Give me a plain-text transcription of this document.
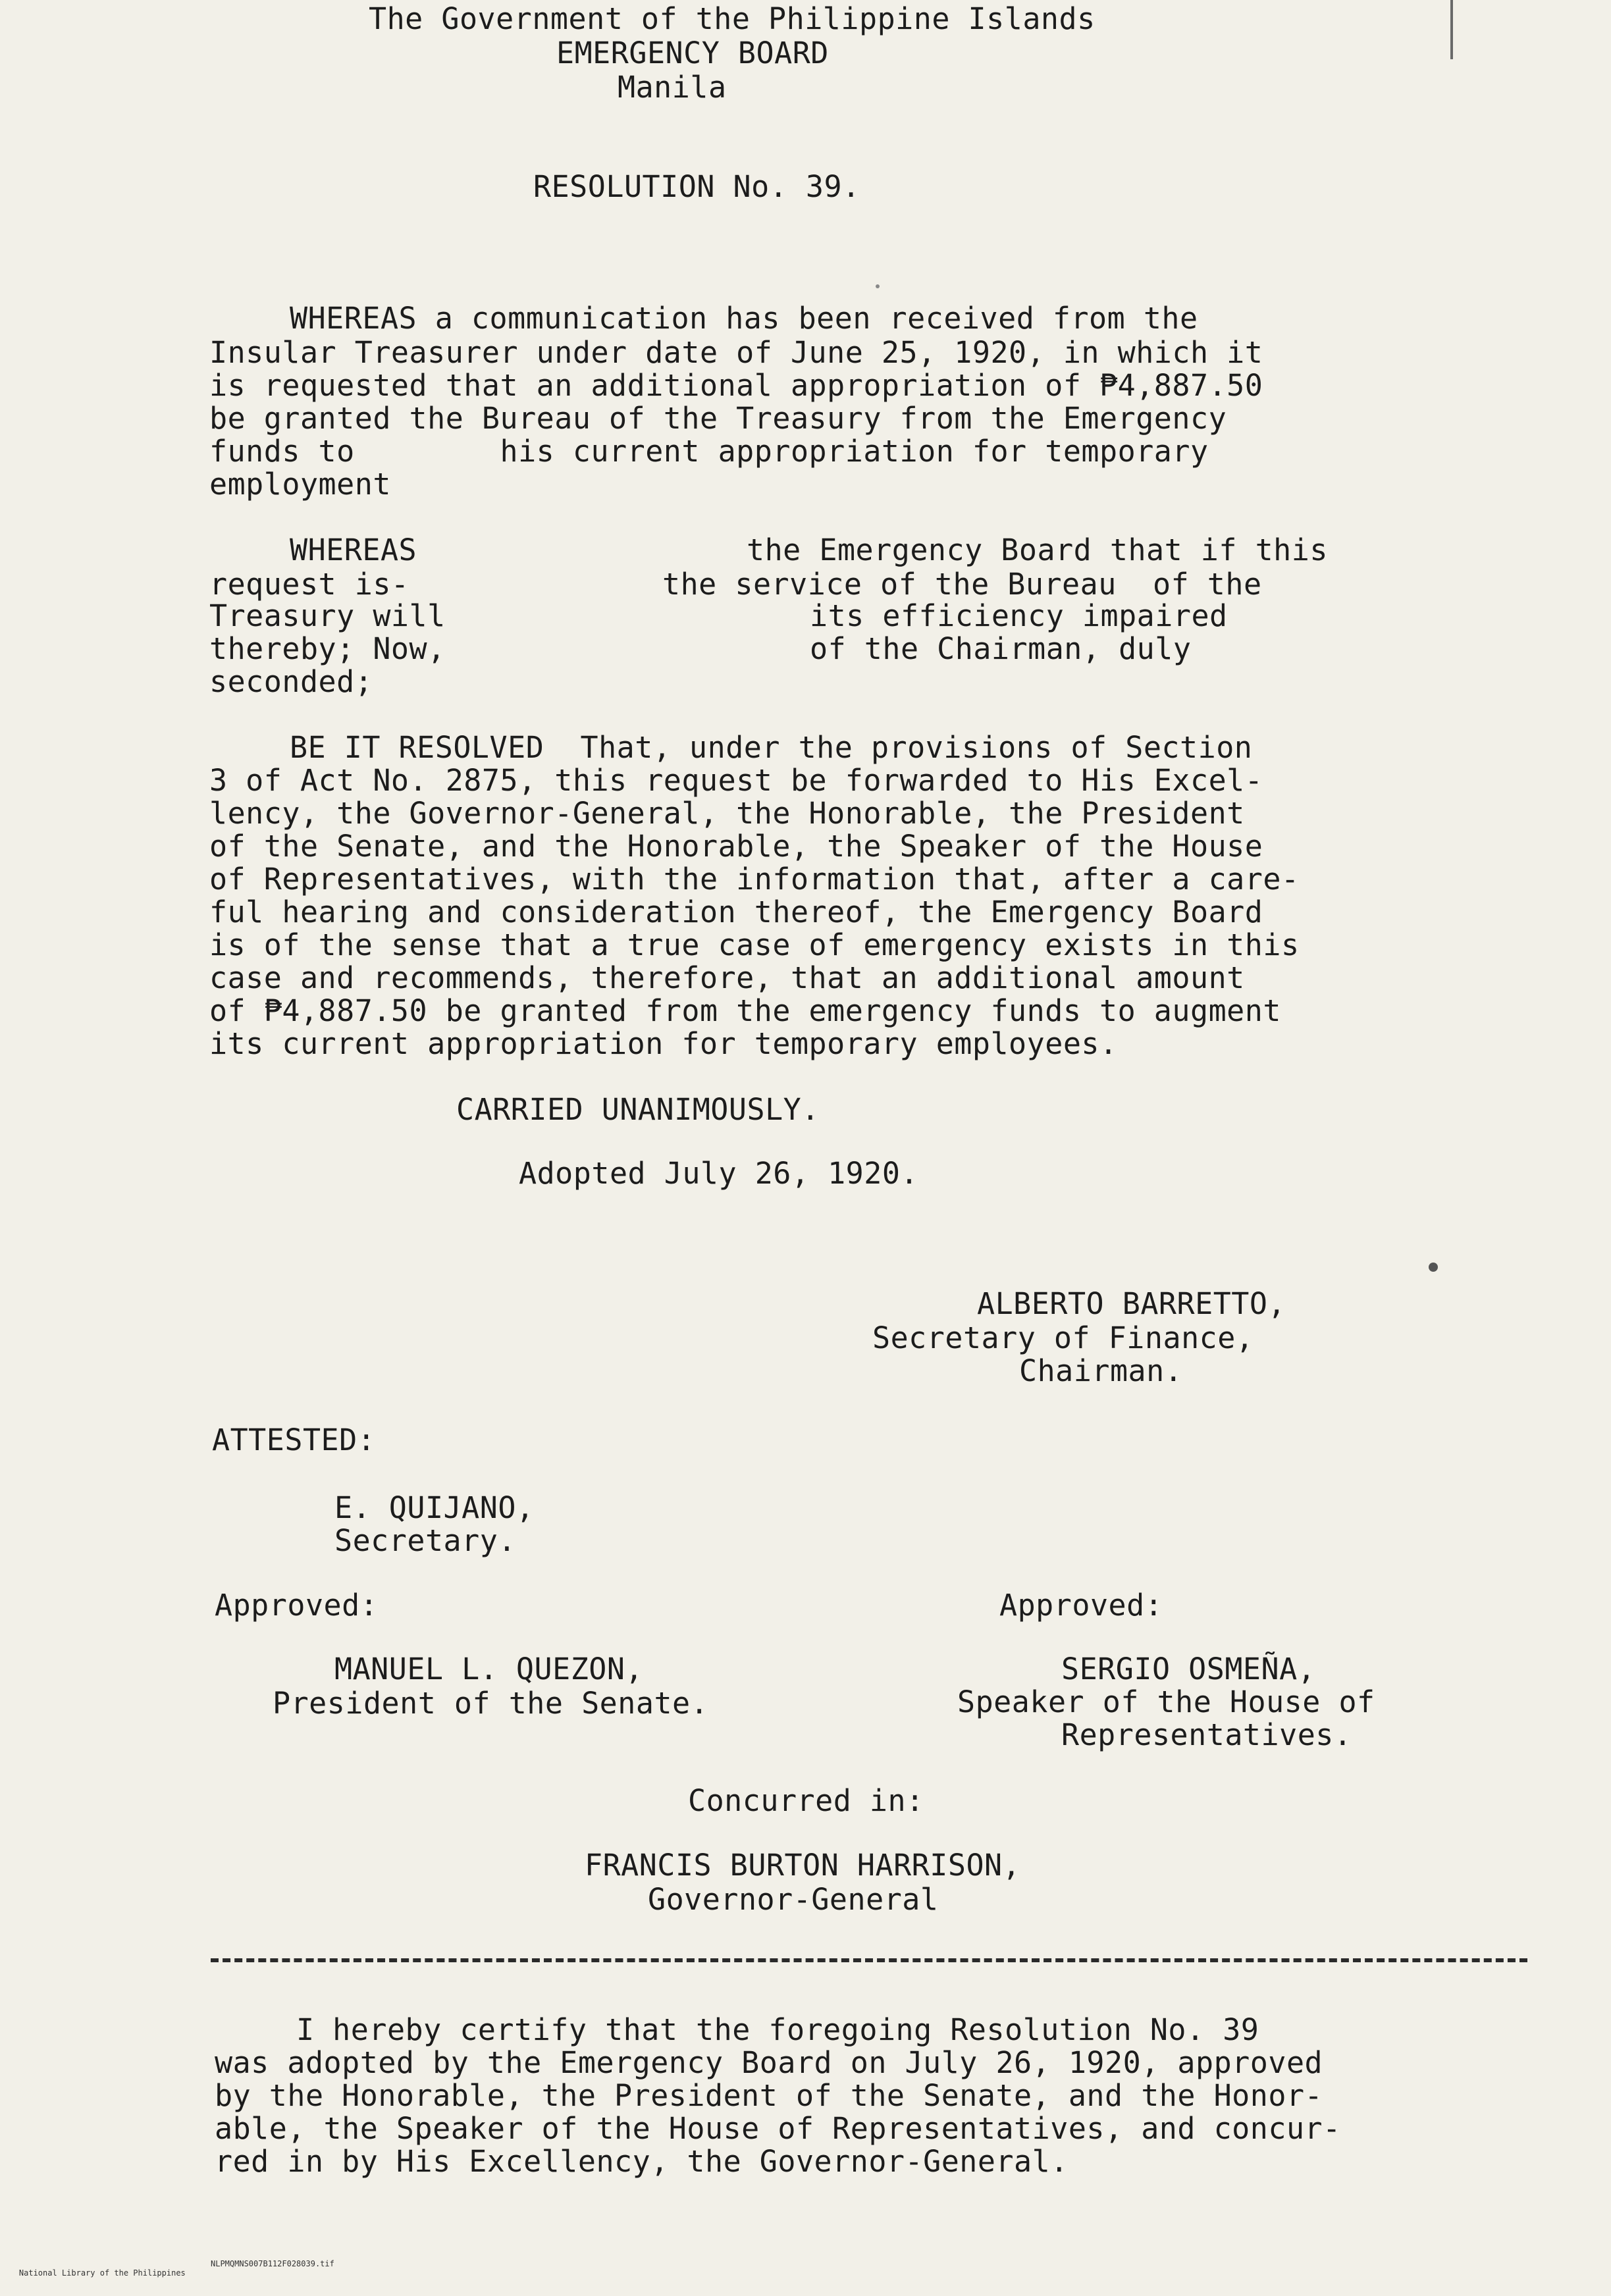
The Government of the Philippine Islands
EMERGENCY BOARD
Manila
RESOLUTION No. 39.
WHEREAS a communication has been received from the
Insular Treasurer under date of June 25, 1920, in which it
is requested that an additional appropriation of ₱4,887.50
be granted the Bureau of the Treasury from the Emergency
funds to        his current appropriation for temporary
employment
WHEREAS
request is-
Treasury will
thereby; Now,
seconded;
the Emergency Board that if this
the service of the Bureau  of the
its efficiency impaired
of the Chairman, duly
BE IT RESOLVED  That, under the provisions of Section
3 of Act No. 2875, this request be forwarded to His Excel-
lency, the Governor-General, the Honorable, the President
of the Senate, and the Honorable, the Speaker of the House
of Representatives, with the information that, after a care-
ful hearing and consideration thereof, the Emergency Board
is of the sense that a true case of emergency exists in this
case and recommends, therefore, that an additional amount
of ₱4,887.50 be granted from the emergency funds to augment
its current appropriation for temporary employees.
CARRIED UNANIMOUSLY.
Adopted July 26, 1920.
ALBERTO BARRETTO,
Secretary of Finance,
Chairman.
ATTESTED:
E. QUIJANO,
Secretary.
Approved:
MANUEL L. QUEZON,
President of the Senate.
Approved:
SERGIO OSMEÑA,
Speaker of the House of
Representatives.
Concurred in:
FRANCIS BURTON HARRISON,
Governor-General
I hereby certify that the foregoing Resolution No. 39
was adopted by the Emergency Board on July 26, 1920, approved
by the Honorable, the President of the Senate, and the Honor-
able, the Speaker of the House of Representatives, and concur-
red in by His Excellency, the Governor-General.

National Library of the Philippines

NLPMQMNS007B112F028039.tif
